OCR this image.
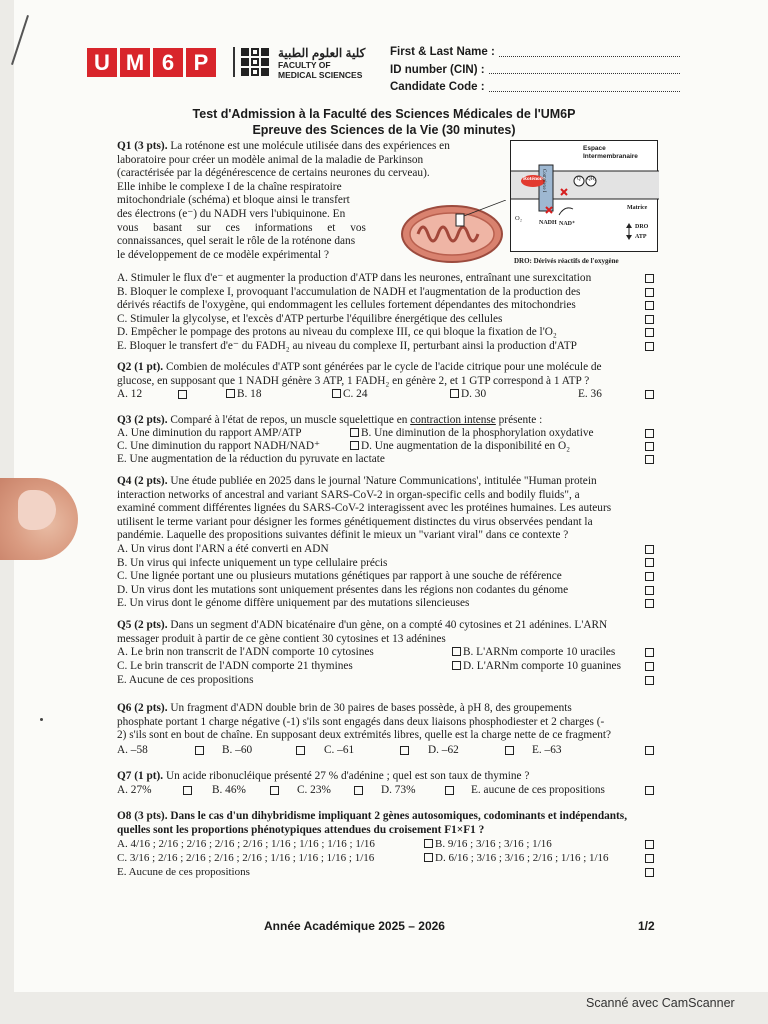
U M 6 P	كلية العلوم الطبية
FACULTY OF
MEDICAL SCIENCES
First & Last Name :
ID number (CIN) :
Candidate Code :
Test d'Admission à la Faculté des Sciences Médicales de l'UM6P
Epreuve des Sciences de la Vie (30 minutes)
Q1 (3 pts). La roténone est une molécule utilisée dans des expériences en
laboratoire pour créer un modèle animal de la maladie de Parkinson
(caractérisée par la dégénérescence de certains neurones du cerveau).
Elle inhibe le complexe I de la chaîne respiratoire
mitochondriale (schéma) et bloque ainsi le transfert
des électrons (e⁻) du NADH vers l'ubiquinone. En
vous basant sur ces informations et vos
connaissances, quel serait le rôle de la roténone dans
le développement de ce modèle expérimental ?
Espace
Intermembranaire
Roténone
Complexe I	Q QH₂
Matrice
O₂
NADH NAD⁺	DRO
ATP
DRO: Dérivés réactifs de l'oxygène
A. Stimuler le flux d'e⁻ et augmenter la production d'ATP dans les neurones, entraînant une surexcitation
B. Bloquer le complexe I, provoquant l'accumulation de NADH et l'augmentation de la production des
dérivés réactifs de l'oxygène, qui endommagent les cellules fortement dépendantes des mitochondries
C. Stimuler la glycolyse, et l'excès d'ATP perturbe l'équilibre énergétique des cellules
D. Empêcher le pompage des protons au niveau du complexe III, ce qui bloque la fixation de l'O₂
E. Bloquer le transfert d'e⁻ du FADH₂ au niveau du complexe II, perturbant ainsi la production d'ATP
Q2 (1 pt). Combien de molécules d'ATP sont générées par le cycle de l'acide citrique pour une molécule de
glucose, en supposant que 1 NADH génère 3 ATP, 1 FADH₂ en génère 2, et 1 GTP correspond à 1 ATP ?
A. 12	B. 18	C. 24	D. 30	E. 36
Q3 (2 pts). Comparé à l'état de repos, un muscle squelettique en contraction intense présente :
A. Une diminution du rapport AMP/ATP	B. Une diminution de la phosphorylation oxydative
C. Une diminution du rapport NADH/NAD⁺	D. Une augmentation de la disponibilité en O₂
E. Une augmentation de la réduction du pyruvate en lactate
Q4 (2 pts). Une étude publiée en 2025 dans le journal 'Nature Communications', intitulée "Human protein
interaction networks of ancestral and variant SARS-CoV-2 in organ-specific cells and bodily fluids", a
examiné comment différentes lignées du SARS-CoV-2 interagissent avec les protéines humaines. Les auteurs
utilisent le terme variant pour désigner les formes génétiquement distinctes du virus observées pendant la
pandémie. Laquelle des propositions suivantes définit le mieux un "variant viral" dans ce contexte ?
A. Un virus dont l'ARN a été converti en ADN
B. Un virus qui infecte uniquement un type cellulaire précis
C. Une lignée portant une ou plusieurs mutations génétiques par rapport à une souche de référence
D. Un virus dont les mutations sont uniquement présentes dans les régions non codantes du génome
E. Un virus dont le génome diffère uniquement par des mutations silencieuses
Q5 (2 pts). Dans un segment d'ADN bicaténaire d'un gène, on a compté 40 cytosines et 21 adénines. L'ARN
messager produit à partir de ce gène contient 30 cytosines et 13 adénines
A. Le brin non transcrit de l'ADN comporte 10 cytosines	B. L'ARNm comporte 10 uraciles
C. Le brin transcrit de l'ADN comporte 21 thymines	D. L'ARNm comporte 10 guanines
E. Aucune de ces propositions
Q6 (2 pts). Un fragment d'ADN double brin de 30 paires de bases possède, à pH 8, des groupements
phosphate portant 1 charge négative (-1) s'ils sont engagés dans deux liaisons phosphodiester et 2 charges (-
2) s'ils sont en bout de chaîne. En supposant deux extrémités libres, quelle est la charge nette de ce fragment?
A. –58	B. –60	C. –61	D. –62	E. –63
Q7 (1 pt). Un acide ribonucléique présenté 27 % d'adénine ; quel est son taux de thymine ?
A. 27%	B. 46%	C. 23%	D. 73%	E. aucune de ces propositions
O8 (3 pts). Dans le cas d'un dihybridisme impliquant 2 gènes autosomiques, codominants et indépendants,
quelles sont les proportions phénotypiques attendues du croisement F1×F1 ?
A. 4/16 ; 2/16 ; 2/16 ; 2/16 ; 2/16 ; 1/16 ; 1/16 ; 1/16 ; 1/16	B. 9/16 ; 3/16 ; 3/16 ; 1/16
C. 3/16 ; 2/16 ; 2/16 ; 2/16 ; 2/16 ; 1/16 ; 1/16 ; 1/16 ; 1/16	D. 6/16 ; 3/16 ; 3/16 ; 2/16 ; 1/16 ; 1/16
E. Aucune de ces propositions
Année Académique 2025 – 2026	1/2
Scanné avec CamScanner
